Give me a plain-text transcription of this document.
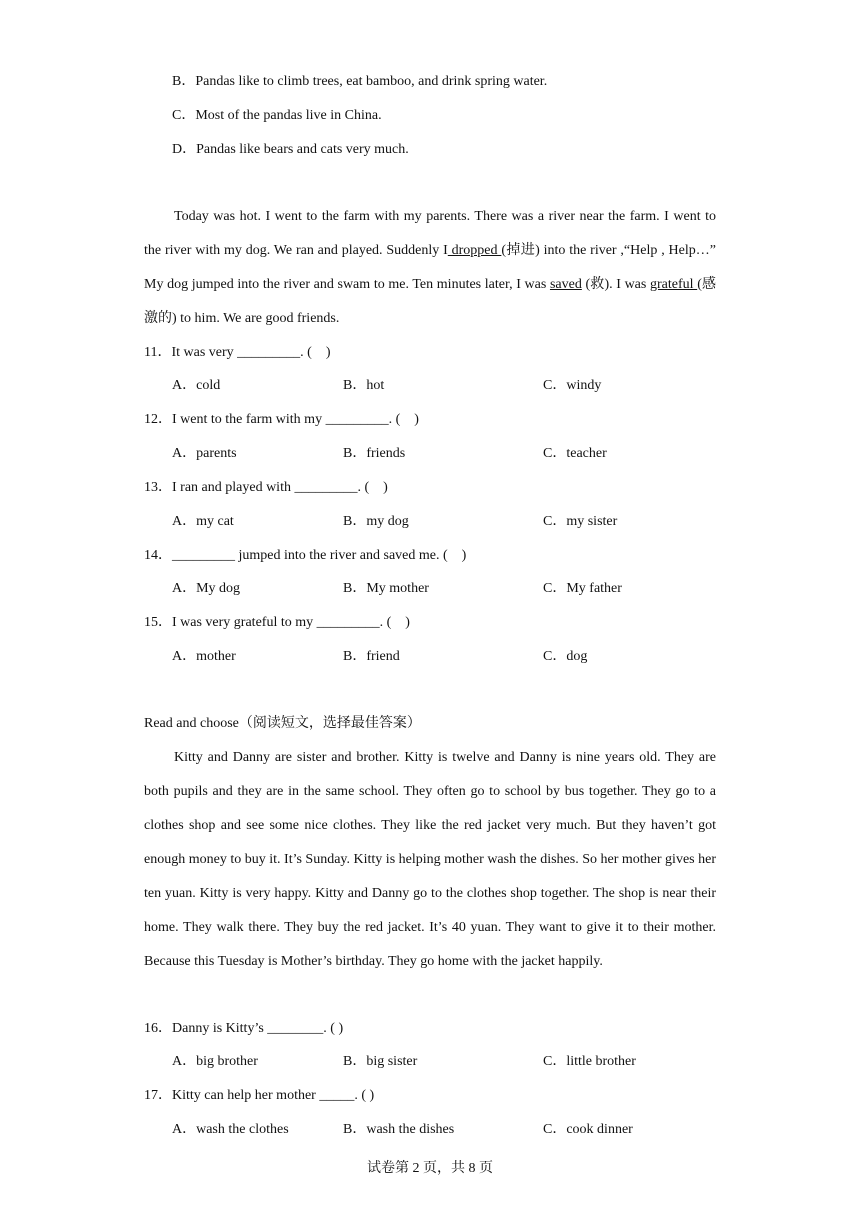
B．Pandas like to climb trees, eat bamboo, and drink spring water.
C．Most of the pandas live in China.
D．Pandas like bears and cats very much.
Today was hot. I went to the farm with my parents. There was a river near the farm. I went to the river with my dog. We ran and played. Suddenly I dropped (掉进) into the river ,“Help , Help…” My dog jumped into the river and swam to me. Ten minutes later, I was saved (救). I was grateful (感激的) to him. We are good friends.
11．It was very _________. (　)
A．cold	B．hot	C．windy
12．I went to the farm with my _________. (　)
A．parents	B．friends	C．teacher
13．I ran and played with _________. (　)
A．my cat	B．my dog	C．my sister
14．_________ jumped into the river and saved me. (　)
A．My dog	B．My mother	C．My father
15．I was very grateful to my _________. (　)
A．mother	B．friend	C．dog
Read and choose（阅读短文，选择最佳答案）
Kitty and Danny are sister and brother. Kitty is twelve and Danny is nine years old. They are both pupils and they are in the same school. They often go to school by bus together. They go to a clothes shop and see some nice clothes. They like the red jacket very much. But they haven’t got enough money to buy it. It’s Sunday. Kitty is helping mother wash the dishes. So her mother gives her ten yuan. Kitty is very happy. Kitty and Danny go to the clothes shop together. The shop is near their home. They walk there. They buy the red jacket. It’s 40 yuan. They want to give it to their mother. Because this Tuesday is Mother’s birthday. They go home with the jacket happily.
16．Danny is Kitty’s ________. ( )
A．big brother	B．big sister	C．little brother
17．Kitty can help her mother _____. ( )
A．wash the clothes	B．wash the dishes	C．cook dinner
试卷第 2 页，共 8 页
